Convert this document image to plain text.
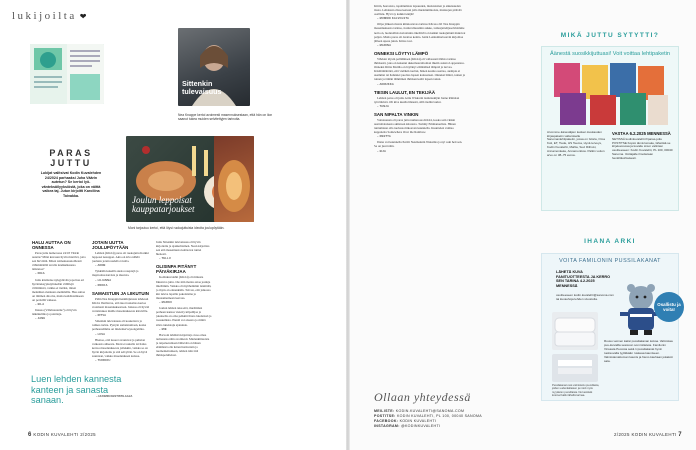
lukijoilta ❤
Sittenkin tulevaisuus
Joulun leppoisat
kauppatarjoukset
Nea Knappe kertoi avoimesti masennuksestaan, että hän on ilon saanut tukea muiden selvitettyjen tarinoita.
Moni tarjoutuu kertoi, että löysi ruokajuttuista ideoita joulupöytään.
PARAS
JUTTU
Lukijat valitsivat Kodin Kuvalehden 24/2024 parhaaksi Juha Väärin autetun? Se kertoi lyö-vänteksäilyyksiöstä, joka on väittä vaikea taj. Jutun kirjoitti Karoliina Toivakka.
HALU AUTTAA ON ONNESSA

Paras juttu numerossa 24/18 Väärin autetta? Minä kuvasan hyvin miettivä, jotta sen hirvittää. Miten toimeksasanoilleteit vähimmäällä tavalla nöelkulkaansa näistetoa?

– INGA

Juttu käsittelee nykypäivän jopa hua eri hyvinteksyyksiyinnedän vällillejä välttämistä, vaikka et tietäisi, miten mennäksi olenkaan enemmälle. Hua auttaa on ilmmen dna ma, mutta kohdistamiseen on perisillä vaikeaa.

– EILA

Iniassa (Väärinautettu?) oli hyvin näkökulmia ja pointteja.

– JANE

JOTAIN UUTTA JOULUPÖYTÄÄN

Lehden (KK24) paras oli ruokajuttu Kaikki lepposet kesuppet. Aina on kiva nähdä joulusta jotain uudella tavalla.

– ANNE

Tykkään kokeilla uusia reseptejä ja inspiroituu kuvista ja ideoista.

– LILIANNA

– RIIKKA

SAMAISTUIN JA LIIKUTUIN

Pidin Nea Knappin henkilöjutusta lehdessä KK24. Ihailtavaa, että nuori uskaltaa kertoa avoimesti masennuksestaan. Jutussa oli hyvää vertaistukea muille masennuksesta kärsiville.

– RITVA

Sittenkin tulevaisuus oli koskettava ja rohkea tarina. Pystyin samaistumaan, koska perheessämme on mielenterveysongelmia.

– LIISA

Hienoa, että nuoret avautuvat ja puhuvat vaikeasta aiheesta. Moni ei uskalla tai halua kertoa masennuksesta jollekkin, vaikka se on hyvin kirjoitettu ja sitä selvyttää. Se on hyvä suuntaan, vaikka masennuksen kanssa.

– TUIRKKU

Juttu Sittenkin tulevaisuus oli hyvin kirjoitettu ja ajankohtainen. Nean kirjoittaa sen että masennusta kohtaavat tuntei hienosti.

– TELLU

OLISINPA PITÄNYT PÄIVÄKIRJAA

Kodinkuvalehti (KK24) oli minusta Itkustava juttu. Ote niin monta asiaa jouluja miellätkin. Vaikka oli myöhemmin lennittää, jo myös en ennenkään. Tolvon, että jatkossa kin tuleva lapsille pakolaisina ja muusuineineen kerrasa.

– MARKU

Joulun lehden taku että, mieltäiden perheen kanssa vietetty kilpailijaa ja jokaisella on oma pelkkiä iltana luiedeissä ja raasuumista. Pieniä voi ansasta jo mmiä silsta tuneistaju ajatuksia.

– MIE

Harvoin lehdistä kirjoittaja avaa omaa tarinaansa näin avoimesti. Mielenkiintoista ja taipaleetamaan lähtevää on hänen elämänsä olla luiten hurtturiain ja tuomeinettuineen, tehden niin tätä ihmispolullelasi.

Luen lehden kannesta kanteen ja sanasta sanaan.	– HUOMIN KESTISTILAAJA
6 KODIN KUVALEHTI 2/2025

Kiirin, haavoista, tapahtumista lapsuuden, muistoistien ja aikuisuuden ilosta. Lehdessä olisaa keruun jolla mielenkiintoisia, muistojen pitävää osallistu. Hyvä sy kaikki tekijät!

– MUMMO KALVOLSTA

Oilpa jälkeen monta kiinnostavaa tarinaa KK:ssa 24! Nea Knappin masennuksesta tarinaa, Jouluvaltuusinin aukko, taideajattelijaselvisimme noin on, luonnollisia kuvattuina tikeltäviä on kaikki ruokajuttuni mukavat paljon. Mutta paras oli Avattaa kentta. Jenni Lenksimartsaavin kirjoittaa jälleen upeaa jutun. Kiitos tosi.

– MARINA

ONNEKSI LÖYTYI LÄMPÖ

Vihdoin löysin pelliämisen (KK24) oli vallassani ällösta tarinaa ihmisestä, joka on kokenut ukkomaaraittoman ilkeän asiasta Lappeanssa. Onneksi Riitta Mattila on löytänyt elämäänsä lämpöä ja turvaa. Käsittämätöntä, että vieläkin tuoltui, hänen koulua saattaa, aiempia ei usemmat tai halunnet puoltaa lapsen kanssaisen. Onneksi lämöi, toinen ja toinen ja tämän lämminen ihmisen kohti lapsen tanssi.

– ANNUKKA

TIESIN LAULUT, EN TEKIJÄÄ

Lehden paras oli juttu Arttu Wiskarin lauluntekijän Janne Rintalan työvääristä. Oli kiva kuulla hänestä, sillä tiedän laulut.

– TANJA

SAN NIPALTA VINKIN

Voitutaanan oli paras juttu numerossa KK24, koska sain vinkin australialaisesta akiistaan kitarasta. Tommy Emmanuelista. Hänen tuntumiaan olla tuobaus mikoavan kuunnella. Kuuntelen vanhaa kappaleita Somewhere Over the Rainbow.

– REETTA

Iltana voi kuunnella Perttii Neumannin Wakamta ja nyt sain heti sen. Se on juuri näin.

– EIJA

Ollaan yhteydessä
MEILISTE: KODIN.KUVALEHTI@SANOMA.COM
POSTITSE: KODIN KUVALEHTI, PL 100, 00040 SANOMA
FACEBOOK: KODIN KUVALEHTI
INSTAGRAM: @KODINKUVALEHTI
MIKÄ JUTTU SYTYTTI?
Äänestä suosikkijuttuasi! Voit voittaa lehtipaketin
Arvomme äänestäjien kesken kuukauden kirjaspaketin valtamiselle Sanomanlehtipaketin, jossa on Gloria, Oma Koti, ET, Tiede, HS Teema, Hyvä terveys, Kodin Kuvalehti, Mahla, Suvi Riihsivi, Annamonkeke, Annamonikos. Palkin voiton arvo on 38–75 euroa.
VASTAA 6.2.2025 MENNESSÄ
NETISSÄ kodinkuvalehti.fi/paras-juttu POSTITSE Kopioi tämä lomake, lähettää se kirjekuoressa ja kuvaile sinun valintasi osoitteeseen: Kodin Kuvalehti, PL 100, 00040 Sanoma. Voittajalle ilmoitetaan henkilökohtaisesti.
IHANA ARKI
VOITA FAMILONIN PUSSILAKANAT
LÄHETÄ KUVA FANITUOTTEESTA JA KERRO SEN TARINA 4.2.2025 MENNESSÄ
osoitteeseen kodin.kuvalehti@sanoma.com tai kuvauhoja lehden sivustolta.
Osallistu ja voita!
Ruusu veimen kaksi pussilakanan kokoa. Valmistaa puu-kuivailla sessioon sommitteleta. Familonin Vinsasta Pecosta sekä 1:pussilakanat hyvin tuoksuvalla tyylikkään ruskeaa kauniseen. Valmistamattoman kaunis ja hieno kauhaan jokakoti sata.
Pussilakanat ovat valmistettu puuvillasta, joiden uudenkaltaisen ja mieli myös myytävien puuvillaisia. Ne kestävät kotona Kaikki lähellä tarinaa.
2/2025 KODIN KUVALEHTI 7
